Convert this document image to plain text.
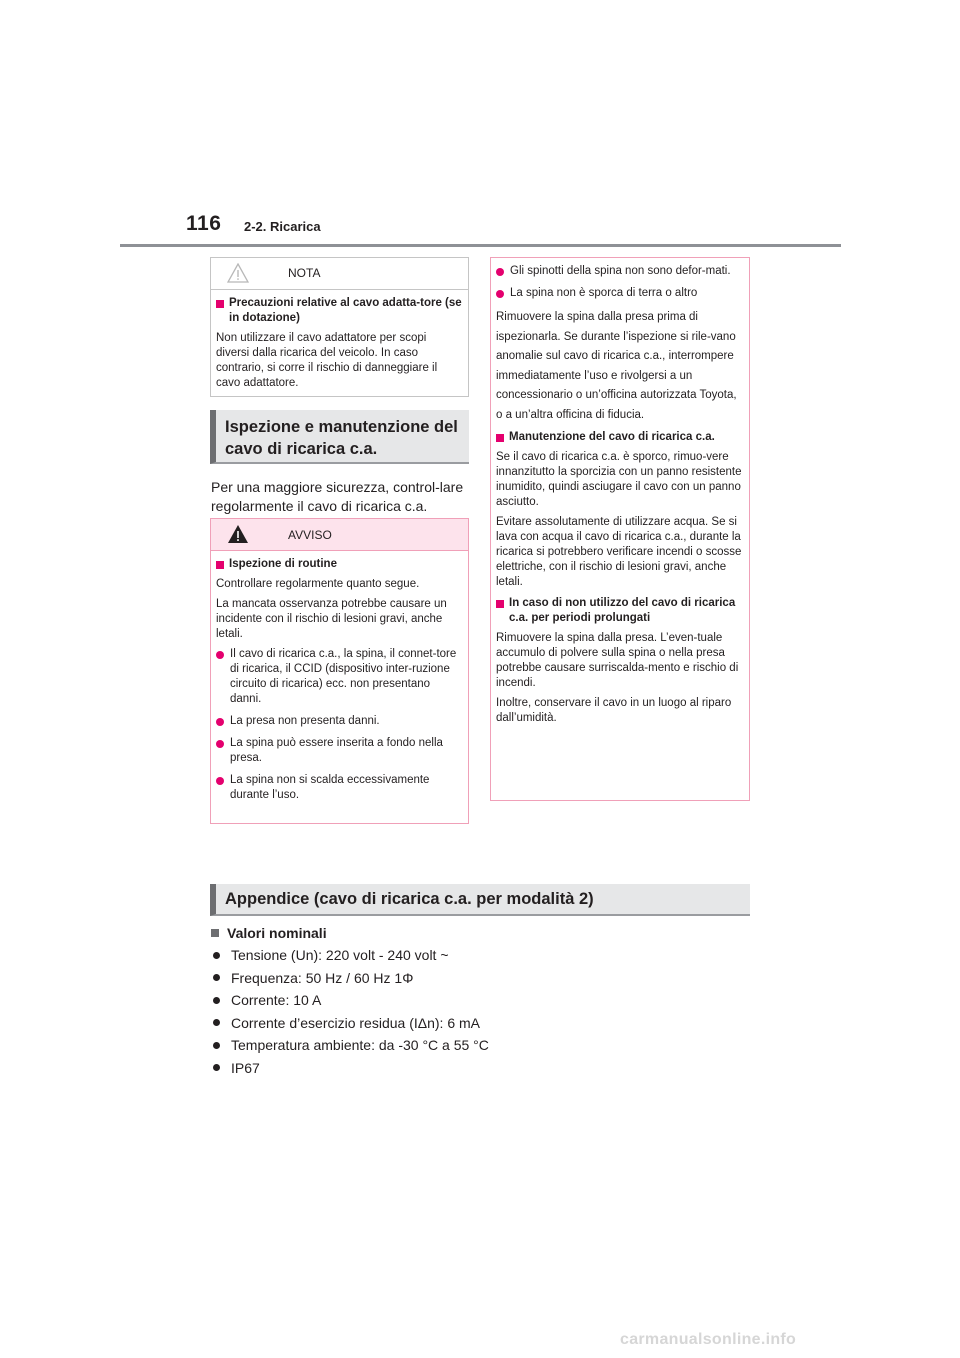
116 2-2. Ricarica
NOTA
Precauzioni relative al cavo adatta-tore (se in dotazione)
Non utilizzare il cavo adattatore per scopi diversi dalla ricarica del veicolo. In caso contrario, si corre il rischio di danneggiare il cavo adattatore.
Ispezione e manutenzione del cavo di ricarica c.a.
Per una maggiore sicurezza, control-lare regolarmente il cavo di ricarica c.a.
AVVISO
Ispezione di routine
Controllare regolarmente quanto segue.
La mancata osservanza potrebbe causare un incidente con il rischio di lesioni gravi, anche letali.
Il cavo di ricarica c.a., la spina, il connet-tore di ricarica, il CCID (dispositivo inter-ruzione circuito di ricarica) ecc. non presentano danni.
La presa non presenta danni.
La spina può essere inserita a fondo nella presa.
La spina non si scalda eccessivamente durante l’uso.
Gli spinotti della spina non sono defor-mati.
La spina non è sporca di terra o altro
Rimuovere la spina dalla presa prima di ispezionarla. Se durante l’ispezione si rile-vano anomalie sul cavo di ricarica c.a., interrompere immediatamente l’uso e rivolgersi a un concessionario o un’officina autorizzata Toyota, o a un’altra officina di fiducia.
Manutenzione del cavo di ricarica c.a.
Se il cavo di ricarica c.a. è sporco, rimuo-vere innanzitutto la sporcizia con un panno resistente inumidito, quindi asciugare il cavo con un panno asciutto.
Evitare assolutamente di utilizzare acqua. Se si lava con acqua il cavo di ricarica c.a., durante la ricarica si potrebbero verificare incendi o scosse elettriche, con il rischio di lesioni gravi, anche letali.
In caso di non utilizzo del cavo di ricarica c.a. per periodi prolungati
Rimuovere la spina dalla presa. L’even-tuale accumulo di polvere sulla spina o nella presa potrebbe causare surriscalda-mento e rischio di incendi.
Inoltre, conservare il cavo in un luogo al riparo dall’umidità.
Appendice (cavo di ricarica c.a. per modalità 2)
Valori nominali
Tensione (Un): 220 volt - 240 volt ~
Frequenza: 50 Hz / 60 Hz 1Φ
Corrente: 10 A
Corrente d’esercizio residua (IΔn): 6 mA
Temperatura ambiente: da -30 °C a 55 °C
IP67
carmanualsonline.info
